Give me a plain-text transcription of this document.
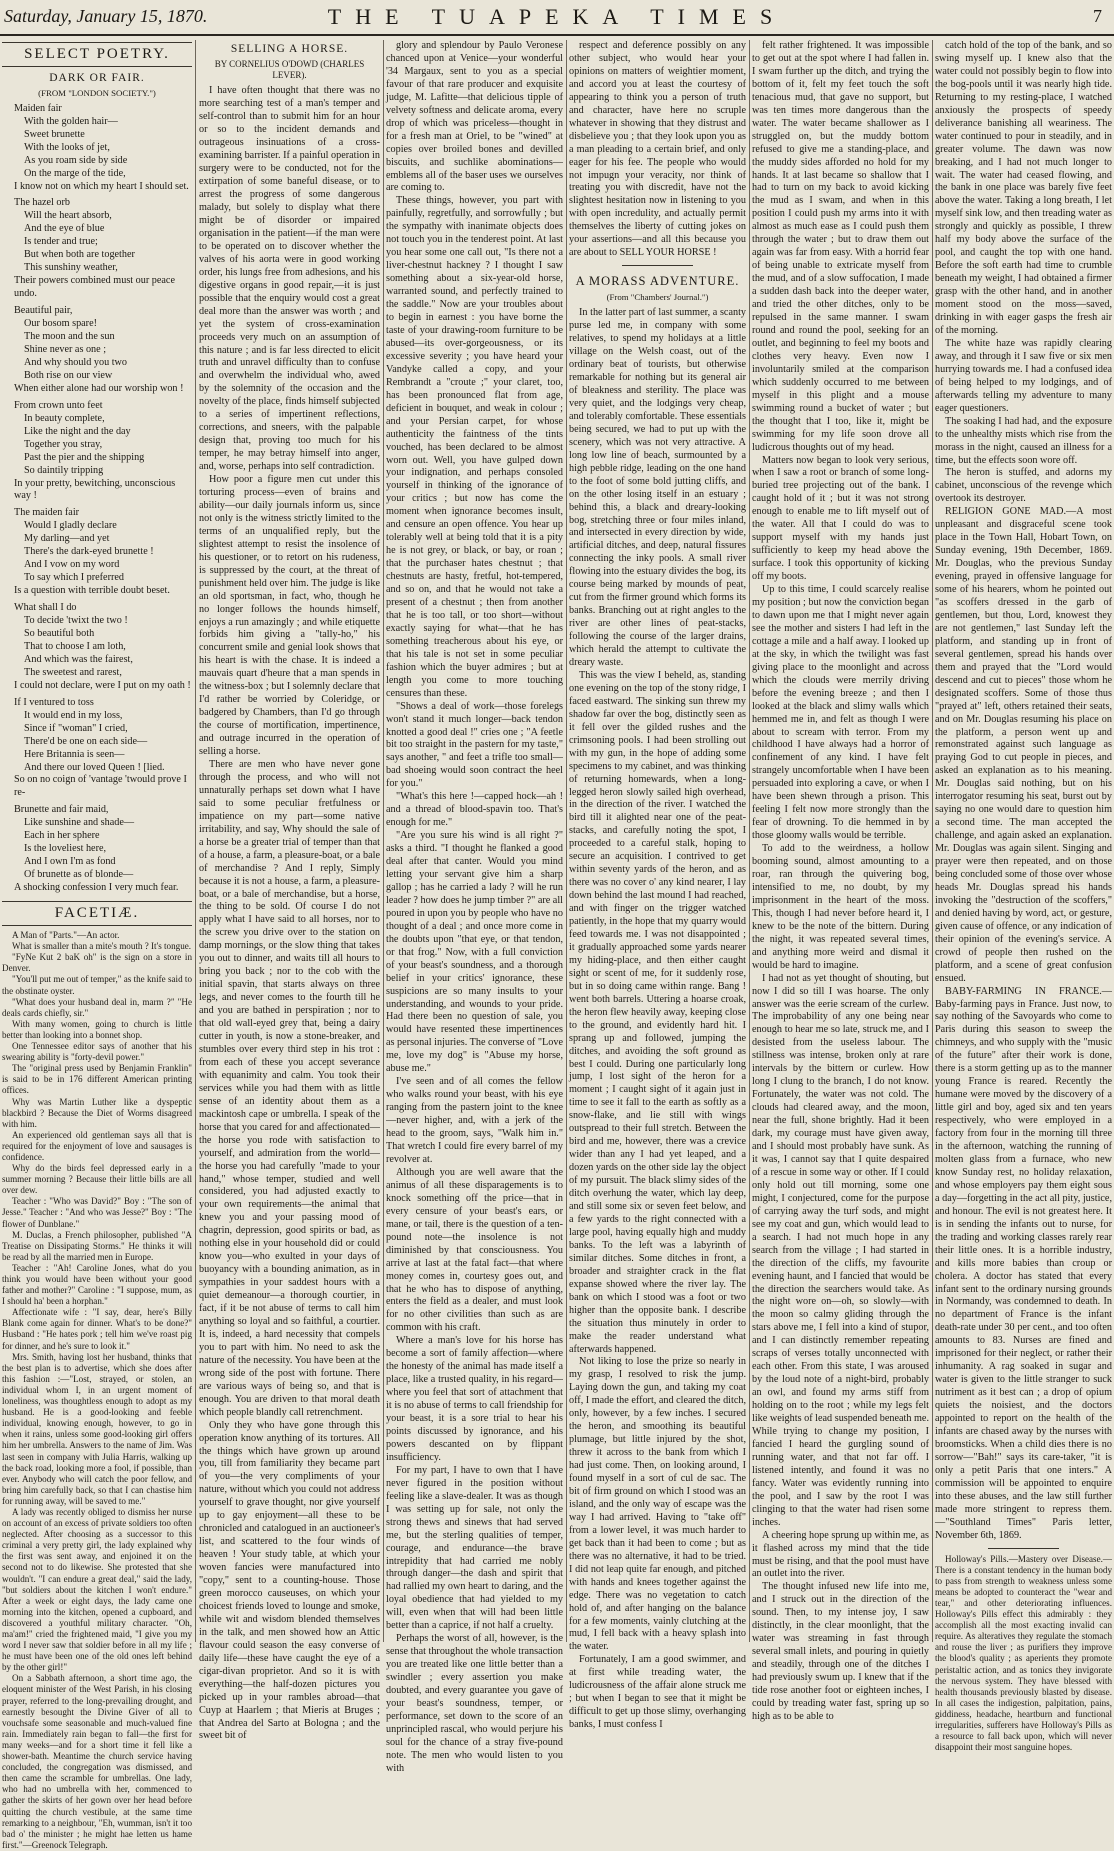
Saturday, January 15, 1870.	THE TUAPEKA TIMES	7
SELECT POETRY.
DARK OR FAIR.
(FROM "LONDON SOCIETY.")
Maiden fair
With the golden hair—
Sweet brunette
With the looks of jet,
As you roam side by side
On the marge of the tide,
I know not on which my heart I should set.
The hazel orb
Will the heart absorb,
And the eye of blue
Is tender and true;
But when both are together
This sunshiny weather,
Their powers combined must our peace undo.
Beautiful pair,
Our bosom spare!
The moon and the sun
Shine never as one ;
And why should you two
Both rise on our view
When either alone had our worship won !
From crown unto feet
In beauty complete,
Like the night and the day
Together you stray,
Past the pier and the shipping
So daintily tripping
In your pretty, bewitching, unconscious way !
The maiden fair
Would I gladly declare
My darling—and yet
There's the dark-eyed brunette !
And I vow on my word
To say which I preferred
Is a question with terrible doubt beset.
What shall I do
To decide 'twixt the two !
So beautiful both
That to choose I am loth,
And which was the fairest,
The sweetest and rarest,
I could not declare, were I put on my oath !
If I ventured to toss
It would end in my loss,
Since if "woman" I cried,
There'd be one on each side—
Here Britannia is seen—
And there our loved Queen ! [lied.
So on no coign of 'vantage 'twould prove I re-
Brunette and fair maid,
Like sunshine and shade—
Each in her sphere
Is the loveliest here,
And I own I'm as fond
Of brunette as of blonde—
A shocking confession I very much fear.
FACETIÆ.

A Man of "Parts."—An actor.

What is smaller than a mite's mouth ? It's tongue.

"FyNe Kut 2 baK oh" is the sign on a store in Denver.

"You'll put me out of temper," as the knife said to the obstinate oyster.

"What does your husband deal in, marm ?" "He deals cards chiefly, sir."

With many women, going to church is little better than looking into a bonnet shop.

One Tennessee editor says of another that his swearing ability is "forty-devil power."

The "original press used by Benjamin Franklin" is said to be in 176 different American printing offices.

Why was Martin Luther like a dyspeptic blackbird ? Because the Diet of Worms disagreed with him.

An experienced old gentleman says all that is required for the enjoyment of love and sausages is confidence.

Why do the birds feel depressed early in a summer morning ? Because their little bills are all over dew.

Teacher : "Who was David?" Boy : "The son of Jesse." Teacher : "And who was Jesse?" Boy : "The flower of Dunblane."

M. Duclas, a French philosopher, published "A Treatise on Dissipating Storms." He thinks it will be read by all the married men in Europe.

Teacher : "Ah! Caroline Jones, what do you think you would have been without your good father and mother?" Caroline : "I suppose, mum, as I should ha' been a horphan."

Affectionate wife : "I say, dear, here's Billy Blank come again for dinner. What's to be done?" Husband : "He hates pork ; tell him we've roast pig for dinner, and he's sure to look it."

Mrs. Smith, having lost her husband, thinks that the best plan is to advertise, which she does after this fashion :—"Lost, strayed, or stolen, an individual whom I, in an urgent moment of loneliness, was thoughtless enough to adopt as my husband. He is a good-looking and feeble individual, knowing enough, however, to go in when it rains, unless some good-looking girl offers him her umbrella. Answers to the name of Jim. Was last seen in company with Julia Harris, walking up the back road, looking more a fool, if possible, than ever. Anybody who will catch the poor fellow, and bring him carefully back, so that I can chastise him for running away, will be saved to me."

A lady was recently obliged to dismiss her nurse on account of an excess of private soldiers too often neglected. After choosing as a successor to this criminal a very pretty girl, the lady explained why the first was sent away, and enjoined it on the second not to do likewise. She protested that she wouldn't. "I can endure a great deal," said the lady, "but soldiers about the kitchen I won't endure." After a week or eight days, the lady came one morning into the kitchen, opened a cupboard, and discovered a youthful military character. "Oh, ma'am!" cried the frightened maid, "I give you my word I never saw that soldier before in all my life ; he must have been one of the old ones left behind by the other girl!"

On a Sabbath afternoon, a short time ago, the eloquent minister of the West Parish, in his closing prayer, referred to the long-prevailing drought, and earnestly besought the Divine Giver of all to vouchsafe some seasonable and much-valued fine rain. Immediately rain began to fall—the first for many weeks—and for a short time it fell like a shower-bath. Meantime the church service having concluded, the congregation was dismissed, and then came the scramble for umbrellas. One lady, who had no umbrella with her, commenced to gather the skirts of her gown over her head before quitting the church vestibule, at the same time remarking to a neighbour, "Eh, wumman, isn't it too bad o' the minister ; he might hae letten us hame first."—Greenock Telegraph.

SELLING A HORSE.
BY CORNELIUS O'DOWD (CHARLES LEVER).

I have often thought that there was no more searching test of a man's temper and self-control than to submit him for an hour or so to the incident demands and outrageous insinuations of a cross-examining barrister. If a painful operation in surgery were to be conducted, not for the extirpation of some baneful disease, or to arrest the progress of some dangerous malady, but solely to display what there might be of disorder or impaired organisation in the patient—if the man were to be operated on to discover whether the valves of his aorta were in good working order, his lungs free from adhesions, and his digestive organs in good repair,—it is just possible that the enquiry would cost a great deal more than the answer was worth ; and yet the system of cross-examination proceeds very much on an assumption of this nature ; and is far less directed to elicit truth and unravel difficulty than to confuse and overwhelm the individual who, awed by the solemnity of the occasion and the novelty of the place, finds himself subjected to a series of impertinent reflections, corrections, and sneers, with the palpable design that, proving too much for his temper, he may betray himself into anger, and, worse, perhaps into self contradiction.

How poor a figure men cut under this torturing process—even of brains and ability—our daily journals inform us, since not only is the witness strictly limited to the terms of an unqualified reply, but the slightest attempt to resist the insolence of his questioner, or to retort on his rudeness, is suppressed by the court, at the threat of punishment held over him. The judge is like an old sportsman, in fact, who, though he no longer follows the hounds himself, enjoys a run amazingly ; and while etiquette forbids him giving a "tally-ho," his concurrent smile and genial look shows that his heart is with the chase. It is indeed a mauvais quart d'heure that a man spends in the witness-box ; but I solemnly declare that I'd rather be worried by Coleridge, or badgered by Chambers, than I'd go through the course of mortification, impertinence, and outrage incurred in the operation of selling a horse.

There are men who have never gone through the process, and who will not unnaturally perhaps set down what I have said to some peculiar fretfulness or impatience on my part—some native irritability, and say, Why should the sale of a horse be a greater trial of temper than that of a house, a farm, a pleasure-boat, or a bale of merchandise ? And I reply, Simply because it is not a house, a farm, a pleasure-boat, or a bale of merchandise, but a horse, the thing to be sold. Of course I do not apply what I have said to all horses, nor to the screw you drive over to the station on damp mornings, or the slow thing that takes you out to dinner, and waits till all hours to bring you back ; nor to the cob with the initial spavin, that starts always on three legs, and never comes to the fourth till he and you are bathed in perspiration ; nor to that old wall-eyed grey that, being a dairy cutter in youth, is now a stone-breaker, and stumbles over every third step in his trot : from each of these you accept severance with equanimity and calm. You took their services while you had them with as little sense of an identity about them as a mackintosh cape or umbrella. I speak of the horse that you cared for and affectionated—the horse you rode with satisfaction to yourself, and admiration from the world—the horse you had carefully "made to your hand," whose temper, studied and well considered, you had adjusted exactly to your own requirements—the animal that knew you and your passing mood of chagrin, depression, good spirits or bad, as nothing else in your household did or could know you—who exulted in your days of buoyancy with a bounding animation, as in sympathies in your saddest hours with a quiet demeanour—a thorough courtier, in fact, if it be not abuse of terms to call him anything so loyal and so faithful, a courtier. It is, indeed, a hard necessity that compels you to part with him. No need to ask the nature of the necessity. You have been at the wrong side of the post with fortune. There are various ways of being so, and that is enough. You are driven to that moral death which people blandly call retrenchment.

Only they who have gone through this operation know anything of its tortures. All the things which have grown up around you, till from familiarity they became part of you—the very compliments of your nature, without which you could not address yourself to grave thought, nor give yourself up to gay enjoyment—all these to be chronicled and catalogued in an auctioneer's list, and scattered to the four winds of heaven ! Your study table, at which your woven fancies were manufactured into "copy," sent to a counting-house. Those green morocco causeuses, on which your choicest friends loved to lounge and smoke, while wit and wisdom blended themselves in the talk, and men showed how an Attic flavour could season the easy converse of daily life—these have caught the eye of a cigar-divan proprietor. And so it is with everything—the half-dozen pictures you picked up in your rambles abroad—that Cuyp at Haarlem ; that Mieris at Bruges ; that Andrea del Sarto at Bologna ; and the sweet bit of

glory and splendour by Paulo Veronese chanced upon at Venice—your wonderful '34 Margaux, sent to you as a special favour of that rare producer and exquisite judge, M. Lafitte—that delicious tipple of velvety softness and delicate aroma, every drop of which was priceless—thought in for a fresh man at Oriel, to be "wined" at copies over broiled bones and devilled biscuits, and suchlike abominations—emblems all of the baser uses we ourselves are coming to.

These things, however, you part with painfully, regretfully, and sorrowfully ; but the sympathy with inanimate objects does not touch you in the tenderest point. At last you hear some one call out, "Is there not a liver-chestnut hackney ? I thought I saw something about a six-year-old horse, warranted sound, and perfectly trained to the saddle." Now are your troubles about to begin in earnest : you have borne the taste of your drawing-room furniture to be abused—its over-gorgeousness, or its excessive severity ; you have heard your Vandyke called a copy, and your Rembrandt a "croute ;" your claret, too, has been pronounced flat from age, deficient in bouquet, and weak in colour ; and your Persian carpet, for whose authenticity the faintness of the tints vouched, has been declared to be almost worn out. Well, you have gulped down your indignation, and perhaps consoled yourself in thinking of the ignorance of your critics ; but now has come the moment when ignorance becomes insult, and censure an open offence. You hear up tolerably well at being told that it is a pity he is not grey, or black, or bay, or roan ; that the purchaser hates chestnut ; that chestnuts are hasty, fretful, hot-tempered, and so on, and that he would not take a present of a chestnut ; then from another that he is too tall, or too short—without exactly saying for what—that he has something treacherous about his eye, or that his tale is not set in some peculiar fashion which the buyer admires ; but at length you come to more touching censures than these.

"Shows a deal of work—those forelegs won't stand it much longer—back tendon knotted a good deal !" cries one ; "A feetle bit too straight in the pastern for my taste," says another, " and feet a trifle too small—bad shoeing would soon contract the heel for you."

"What's this here !—capped hock—ah ! and a thread of blood-spavin too. That's enough for me."

"Are you sure his wind is all right ?" asks a third. "I thought he flanked a good deal after that canter. Would you mind letting your servant give him a sharp gallop ; has he carried a lady ? will he run leader ? how does he jump timber ?" are all poured in upon you by people who have no thought of a deal ; and once more come in the doubts upon "that eye, or that tendon, or that frog." Now, with a full conviction of your beast's soundness, and a thorough belief in your critics' ignorance, these suspicions are so many insults to your understanding, and wounds to your pride. Had there been no question of sale, you would have resented these impertinences as personal injuries. The converse of "Love me, love my dog" is "Abuse my horse, abuse me."

I've seen and of all comes the fellow who walks round your beast, with his eye ranging from the pastern joint to the knee—never higher, and, with a jerk of the head to the groom, says, "Walk him in." That wretch I could fire every barrel of my revolver at.

Although you are well aware that the animus of all these disparagements is to knock something off the price—that in every censure of your beast's ears, or mane, or tail, there is the question of a ten-pound note—the insolence is not diminished by that consciousness. You arrive at last at the fatal fact—that where money comes in, courtesy goes out, and that he who has to dispose of anything, enters the field as a dealer, and must look for no other civilities than such as are common with his craft.

Where a man's love for his horse has become a sort of family affection—where the honesty of the animal has made itself a place, like a trusted quality, in his regard—where you feel that sort of attachment that it is no abuse of terms to call friendship for your beast, it is a sore trial to hear his points discussed by ignorance, and his powers descanted on by flippant insufficiency.

For my part, I have to own that I have never figured in the position without feeling like a slave-dealer. It was as though I was setting up for sale, not only the strong thews and sinews that had served me, but the sterling qualities of temper, courage, and endurance—the brave intrepidity that had carried me nobly through danger—the dash and spirit that had rallied my own heart to daring, and the loyal obedience that had yielded to my will, even when that will had been little better than a caprice, if not half a cruelty.

Perhaps the worst of all, however, is the sense that throughout the whole transaction you are treated like one little better than a swindler ; every assertion you make doubted, and every guarantee you gave of your beast's soundness, temper, or performance, set down to the score of an unprincipled rascal, who would perjure his soul for the chance of a stray five-pound note. The men who would listen to you with

respect and deference possibly on any other subject, who would hear your opinions on matters of weightier moment, and accord you at least the courtesy of appearing to think you a person of truth and character, have here no scruple whatever in showing that they distrust and disbelieve you ; that they look upon you as a man pleading to a certain brief, and only eager for his fee. The people who would not impugn your veracity, nor think of treating you with discredit, have not the slightest hesitation now in listening to you with open incredulity, and actually permit themselves the liberty of cutting jokes on your assertions—and all this because you are about to SELL YOUR HORSE !

A MORASS ADVENTURE.
(From "Chambers' Journal.")

In the latter part of last summer, a scanty purse led me, in company with some relatives, to spend my holidays at a little village on the Welsh coast, out of the ordinary beat of tourists, but otherwise remarkable for nothing but its general air of bleakness and sterility. The place was very quiet, and the lodgings very cheap, and tolerably comfortable. These essentials being secured, we had to put up with the scenery, which was not very attractive. A long low line of beach, surmounted by a high pebble ridge, leading on the one hand to the foot of some bold jutting cliffs, and on the other losing itself in an estuary ; behind this, a black and dreary-looking bog, stretching three or four miles inland, and intersected in every direction by wide, artificial ditches, and deep, natural fissures connecting the inky pools. A small river flowing into the estuary divides the bog, its course being marked by mounds of peat, cut from the firmer ground which forms its banks. Branching out at right angles to the river are other lines of peat-stacks, following the course of the larger drains, which herald the attempt to cultivate the dreary waste.

This was the view I beheld, as, standing one evening on the top of the stony ridge, I faced eastward. The sinking sun threw my shadow far over the bog, distinctly seen as it fell over the gilded rushes and the crimsoning pools. I had been strolling out with my gun, in the hope of adding some specimens to my cabinet, and was thinking of returning homewards, when a long-legged heron slowly sailed high overhead, in the direction of the river. I watched the bird till it alighted near one of the peat-stacks, and carefully noting the spot, I proceeded to a careful stalk, hoping to secure an acquisition. I contrived to get within seventy yards of the heron, and as there was no cover o' any kind nearer, I lay down behind the last mound I had reached, and with finger on the trigger watched patiently, in the hope that my quarry would feed towards me. I was not disappointed ; it gradually approached some yards nearer my hiding-place, and then either caught sight or scent of me, for it suddenly rose, but in so doing came within range. Bang ! went both barrels. Uttering a hoarse croak, the heron flew heavily away, keeping close to the ground, and evidently hard hit. I sprang up and followed, jumping the ditches, and avoiding the soft ground as best I could. During one particularly long jump, I lost sight of the heron for a moment ; I caught sight of it again just in time to see it fall to the earth as softly as a snow-flake, and lie still with wings outspread to their full stretch. Between the bird and me, however, there was a crevice wider than any I had yet leaped, and a dozen yards on the other side lay the object of my pursuit. The black slimy sides of the ditch overhung the water, which lay deep, and still some six or seven feet below, and a few yards to the right connected with a large pool, having equally high and muddy banks. To the left was a labyrinth of similar ditches. Some ditches in front, a broader and straighter crack in the flat expanse showed where the river lay. The bank on which I stood was a foot or two higher than the opposite bank. I describe the situation thus minutely in order to make the reader understand what afterwards happened.

Not liking to lose the prize so nearly in my grasp, I resolved to risk the jump. Laying down the gun, and taking my coat off, I made the effort, and cleared the ditch, only, however, by a few inches. I secured the heron, and smoothing its beautiful plumage, but little injured by the shot, threw it across to the bank from which I had just come. Then, on looking around, I found myself in a sort of cul de sac. The bit of firm ground on which I stood was an island, and the only way of escape was the way I had arrived. Having to "take off" from a lower level, it was much harder to get back than it had been to come ; but as there was no alternative, it had to be tried. I did not leap quite far enough, and pitched with hands and knees together against the edge. There was no vegetation to catch hold of, and after hanging on the balance for a few moments, vainly clutching at the mud, I fell back with a heavy splash into the water.

Fortunately, I am a good swimmer, and at first while treading water, the ludicrousness of the affair alone struck me ; but when I began to see that it might be difficult to get up those slimy, overhanging banks, I must confess I

felt rather frightened. It was impossible to get out at the spot where I had fallen in. I swam further up the ditch, and trying the bottom of it, felt my feet touch the soft tenacious mud, that gave no support, but was ten times more dangerous than the water. The water became shallower as I struggled on, but the muddy bottom refused to give me a standing-place, and the muddy sides afforded no hold for my hands. It at last became so shallow that I had to turn on my back to avoid kicking the mud as I swam, and when in this position I could push my arms into it with almost as much ease as I could push them through the water ; but to draw them out again was far from easy. With a horrid fear of being unable to extricate myself from the mud, and of a slow suffocation, I made a sudden dash back into the deeper water, and tried the other ditches, only to be repulsed in the same manner. I swam round and round the pool, seeking for an outlet, and beginning to feel my boots and clothes very heavy. Even now I involuntarily smiled at the comparison which suddenly occurred to me between myself in this plight and a mouse swimming round a bucket of water ; but the thought that I too, like it, might be swimming for my life soon drove all ludicrous thoughts out of my head.

Matters now began to look very serious, when I saw a root or branch of some long-buried tree projecting out of the bank. I caught hold of it ; but it was not strong enough to enable me to lift myself out of the water. All that I could do was to support myself with my hands just sufficiently to keep my head above the surface. I took this opportunity of kicking off my boots.

Up to this time, I could scarcely realise my position ; but now the conviction began to dawn upon me that I might never again see the mother and sisters I had left in the cottage a mile and a half away. I looked up at the sky, in which the twilight was fast giving place to the moonlight and across which the clouds were merrily driving before the evening breeze ; and then I looked at the black and slimy walls which hemmed me in, and felt as though I were about to scream with terror. From my childhood I have always had a horror of confinement of any kind. I have felt strangely uncomfortable when I have been persuaded into exploring a cave, or when I have been shewn through a prison. This feeling I felt now more strongly than the fear of drowning. To die hemmed in by those gloomy walls would be terrible.

To add to the weirdness, a hollow booming sound, almost amounting to a roar, ran through the quivering bog, intensified to me, no doubt, by my imprisonment in the heart of the moss. This, though I had never before heard it, I knew to be the note of the bittern. During the night, it was repeated several times, and anything more weird and dismal it would be hard to imagine.

I had not as yet thought of shouting, but now I did so till I was hoarse. The only answer was the eerie scream of the curlew. The improbability of any one being near enough to hear me so late, struck me, and I desisted from the useless labour. The stillness was intense, broken only at rare intervals by the bittern or curlew. How long I clung to the branch, I do not know. Fortunately, the water was not cold. The clouds had cleared away, and the moon, near the full, shone brightly. Had it been dark, my courage must have given away, and I should most probably have sunk. As it was, I cannot say that I quite despaired of a rescue in some way or other. If I could only hold out till morning, some one might, I conjectured, come for the purpose of carrying away the turf sods, and might see my coat and gun, which would lead to a search. I had not much hope in any search from the village ; I had started in the direction of the cliffs, my favourite evening haunt, and I fancied that would be the direction the searchers would take. As the night wore on—oh, so slowly—with the moon so calmy gliding through the stars above me, I fell into a kind of stupor, and I can distinctly remember repeating scraps of verses totally unconnected with each other. From this state, I was aroused by the loud note of a night-bird, probably an owl, and found my arms stiff from holding on to the root ; while my legs felt like weights of lead suspended beneath me. While trying to change my position, I fancied I heard the gurgling sound of running water, and that not far off. I listened intently, and found it was no fancy. Water was evidently running into the pool, and I saw by the root I was clinging to that the water had risen some inches.

A cheering hope sprung up within me, as it flashed across my mind that the tide must be rising, and that the pool must have an outlet into the river.

The thought infused new life into me, and I struck out in the direction of the sound. Then, to my intense joy, I saw distinctly, in the clear moonlight, that the water was streaming in fast through several small inlets, and pouring in quietly and steadily, through one of the ditches I had previously swum up. I knew that if the tide rose another foot or eighteen inches, I could by treading water fast, spring up so high as to be able to

catch hold of the top of the bank, and so swing myself up. I knew also that the water could not possibly begin to flow into the bog-pools until it was nearly high tide. Returning to my resting-place, I watched anxiously the prospects of speedy deliverance banishing all weariness. The water continued to pour in steadily, and in greater volume. The dawn was now breaking, and I had not much longer to wait. The water had ceased flowing, and the bank in one place was barely five feet above the water. Taking a long breath, I let myself sink low, and then treading water as strongly and quickly as possible, I threw half my body above the surface of the pool, and caught the top with one hand. Before the soft earth had time to crumble beneath my weight, I had obtained a firmer grasp with the other hand, and in another moment stood on the moss—saved, drinking in with eager gasps the fresh air of the morning.

The white haze was rapidly clearing away, and through it I saw five or six men hurrying towards me. I had a confused idea of being helped to my lodgings, and of afterwards telling my adventure to many eager questioners.

The soaking I had had, and the exposure to the unhealthy mists which rise from the morass in the night, caused an illness for a time, but the effects soon wore off.

The heron is stuffed, and adorns my cabinet, unconscious of the revenge which overtook its destroyer.

RELIGION GONE MAD.—A most unpleasant and disgraceful scene took place in the Town Hall, Hobart Town, on Sunday evening, 19th December, 1869. Mr. Douglas, who the previous Sunday evening, prayed in offensive language for some of his hearers, whom he pointed out "as scoffers dressed in the garb of gentlemen, but thou, Lord, knowest they are not gentlemen," last Sunday left the platform, and standing up in front of several gentlemen, spread his hands over them and prayed that the "Lord would descend and cut to pieces" those whom he designated scoffers. Some of those thus "prayed at" left, others retained their seats, and on Mr. Douglas resuming his place on the platform, a person went up and remonstrated against such language as praying God to cut people in pieces, and asked an explanation as to his meaning. Mr. Douglas said nothing, but on his interrogator resuming his seat, burst out by saying no one would dare to question him a second time. The man accepted the challenge, and again asked an explanation. Mr. Douglas was again silent. Singing and prayer were then repeated, and on those being concluded some of those over whose heads Mr. Douglas spread his hands invoking the "destruction of the scoffers," and denied having by word, act, or gesture, given cause of offence, or any indication of their opinion of the evening's service. A crowd of people then rushed on the platform, and a scene of great confusion ensued.

BABY-FARMING IN FRANCE.—Baby-farming pays in France. Just now, to say nothing of the Savoyards who come to Paris during this season to sweep the chimneys, and who supply with the "music of the future" after their work is done, there is a storm getting up as to the manner young France is reared. Recently the humane were moved by the discovery of a little girl and boy, aged six and ten years respectively, who were employed in a factory from four in the morning till three in the afternoon, watching the running of molten glass from a furnace, who new know Sunday rest, no holiday relaxation, and whose employers pay them eight sous a day—forgetting in the act all pity, justice, and honour. The evil is not greatest here. It is in sending the infants out to nurse, for the trading and working classes rarely rear their little ones. It is a horrible industry, and kills more babies than croup or cholera. A doctor has stated that every infant sent to the ordinary nursing grounds in Normandy, was condemned to death. In no department of France is the infant death-rate under 30 per cent., and too often amounts to 83. Nurses are fined and imprisoned for their neglect, or rather their inhumanity. A rag soaked in sugar and water is given to the little stranger to suck nutriment as it best can ; a drop of opium quiets the noisiest, and the doctors appointed to report on the health of the infants are chased away by the nurses with broomsticks. When a child dies there is no sorrow—"Bah!" says its care-taker, "it is only a petit Paris that one inters." A commission will be appointed to enquire into these abuses, and the law still further made more stringent to repress them.—"Southland Times" Paris letter, November 6th, 1869.

Holloway's Pills.—Mastery over Disease.—There is a constant tendency in the human body to pass from strength to weakness unless some means be adopted to counteract the "wear and tear," and other deteriorating influences. Holloway's Pills effect this admirably : they accomplish all the most exacting invalid can require. As alteratives they regulate the stomach and rouse the liver ; as purifiers they improve the blood's quality ; as aperients they promote peristaltic action, and as tonics they invigorate the nervous system. They have blessed with health thousands previously blasted by disease. In all cases the indigestion, palpitation, pains, giddiness, headache, heartburn and functional irregularities, sufferers have Holloway's Pills as a resource to fall back upon, which will never disappoint their most sanguine hopes.
